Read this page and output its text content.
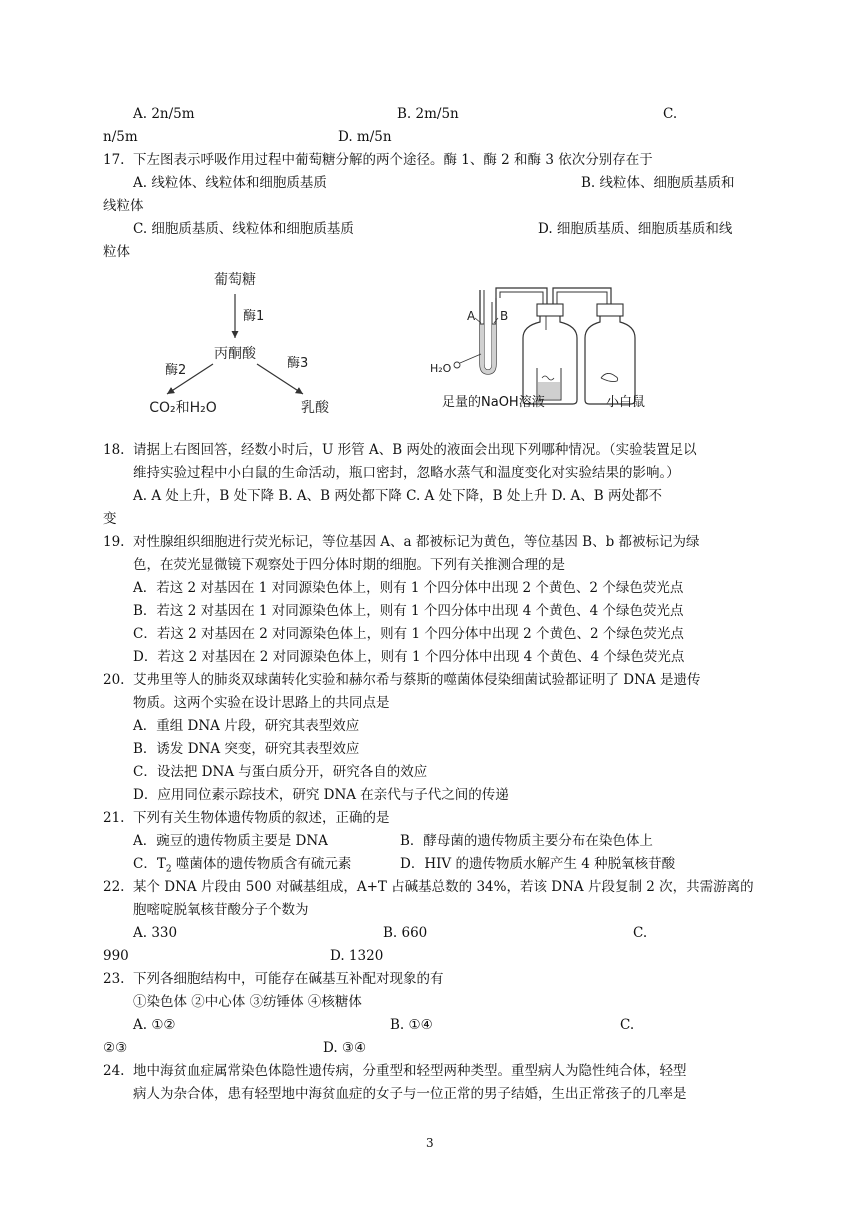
A. 2n/5m	B. 2m/5n	C.
n/5m	D. m/5n
17. 下左图表示呼吸作用过程中葡萄糖分解的两个途径。酶 1、酶 2 和酶 3 依次分别存在于
A. 线粒体、线粒体和细胞质基质	B. 线粒体、细胞质基质和
线粒体
C. 细胞质基质、线粒体和细胞质基质	D. 细胞质基质、细胞质基质和线
粒体
葡萄糖
酶1
丙酮酸
酶2	酶3
CO₂和H₂O	乳酸
A B
H₂O
足量的NaOH溶液	小白鼠
18. 请据上右图回答，经数小时后，U 形管 A、B 两处的液面会出现下列哪种情况。（实验装置足以
维持实验过程中小白鼠的生命活动，瓶口密封，忽略水蒸气和温度变化对实验结果的影响。）
A. A 处上升，B 处下降 B. A、B 两处都下降 C. A 处下降，B 处上升 D. A、B 两处都不
变
19. 对性腺组织细胞进行荧光标记，等位基因 A、a 都被标记为黄色，等位基因 B、b 都被标记为绿
色，在荧光显微镜下观察处于四分体时期的细胞。下列有关推测合理的是
A．若这 2 对基因在 1 对同源染色体上，则有 1 个四分体中出现 2 个黄色、2 个绿色荧光点
B．若这 2 对基因在 1 对同源染色体上，则有 1 个四分体中出现 4 个黄色、4 个绿色荧光点
C．若这 2 对基因在 2 对同源染色体上，则有 1 个四分体中出现 2 个黄色、2 个绿色荧光点
D．若这 2 对基因在 2 对同源染色体上，则有 1 个四分体中出现 4 个黄色、4 个绿色荧光点
20. 艾弗里等人的肺炎双球菌转化实验和赫尔希与蔡斯的噬菌体侵染细菌试验都证明了 DNA 是遗传
物质。这两个实验在设计思路上的共同点是
A．重组 DNA 片段，研究其表型效应
B．诱发 DNA 突变，研究其表型效应
C．设法把 DNA 与蛋白质分开，研究各自的效应
D．应用同位素示踪技术，研究 DNA 在亲代与子代之间的传递
21. 下列有关生物体遗传物质的叙述，正确的是
A．豌豆的遗传物质主要是 DNA	B．酵母菌的遗传物质主要分布在染色体上
C．$T_2$ 噬菌体的遗传物质含有硫元素	D．HIV 的遗传物质水解产生 4 种脱氧核苷酸
22. 某个 DNA 片段由 500 对碱基组成，A+T 占碱基总数的 34%，若该 DNA 片段复制 2 次，共需游离的
胞嘧啶脱氧核苷酸分子个数为
A. 330	B. 660	C.
990	D. 1320
23. 下列各细胞结构中，可能存在碱基互补配对现象的有
①染色体 ②中心体 ③纺锤体 ④核糖体
A. ①②	B. ①④	C.
②③	D. ③④
24. 地中海贫血症属常染色体隐性遗传病，分重型和轻型两种类型。重型病人为隐性纯合体，轻型
病人为杂合体，患有轻型地中海贫血症的女子与一位正常的男子结婚，生出正常孩子的几率是
3
